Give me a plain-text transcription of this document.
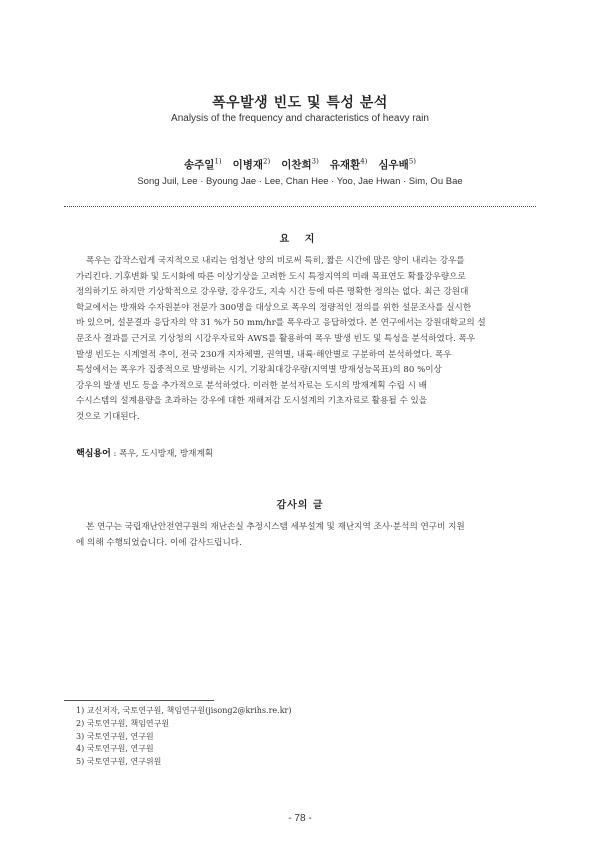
폭우발생 빈도 및 특성 분석
Analysis of the frequency and characteristics of heavy rain
송주일$^{1)}$ 이병재$^{2)}$ 이찬희$^{3)}$ 유재환$^{4)}$ 심우배$^{5)}$
Song Juil, Lee · Byoung Jae · Lee, Chan Hee · Yoo, Jae Hwan · Sim, Ou Bae
요 지
폭우는 갑작스럽게 국지적으로 내리는 엄청난 양의 비로써 특히, 짧은 시간에 많은 양이 내리는 강우를
가리킨다. 기후변화 및 도시화에 따른 이상기상을 고려한 도시 특정지역의 미래 목표연도 확률강우량으로
정의하기도 하지만 기상학적으로 강우량, 강우강도, 지속 시간 등에 따른 명확한 정의는 없다. 최근 강원대
학교에서는 방재와 수자원분야 전문가 300명을 대상으로 폭우의 정량적인 정의를 위한 설문조사를 실시한
바 있으며, 설문결과 응답자의 약 31 %가 50 mm/hr를 폭우라고 응답하였다. 본 연구에서는 강원대학교의 설
문조사 결과를 근거로 기상청의 시강우자료와 AWS를 활용하여 폭우 발생 빈도 및 특성을 분석하였다. 폭우
발생 빈도는 시계열적 추이, 전국 230개 지자체별, 권역별, 내륙·해안별로 구분하여 분석하였다. 폭우
특성에서는 폭우가 집중적으로 발생하는 시기, 기왕최대강우량(지역별 방재성능목표)의 80 %이상
강우의 발생 빈도 등을 추가적으로 분석하였다. 이러한 분석자료는 도시의 방재계획 수립 시 배
수시스템의 설계용량을 초과하는 강우에 대한 재해저감 도시설계의 기초자료로 활용될 수 있을
것으로 기대된다.
핵심용어 : 폭우, 도시방재, 방재계획
감사의 글
본 연구는 국립재난안전연구원의 재난손실 추정시스템 세부설계 및 재난지역 조사·분석의 연구비 지원
에 의해 수행되었습니다. 이에 감사드립니다.
1) 교신저자, 국토연구원, 책임연구원(jisong2@krihs.re.kr)
2) 국토연구원, 책임연구원
3) 국토연구원, 연구원
4) 국토연구원, 연구원
5) 국토연구원, 연구위원
- 78 -
